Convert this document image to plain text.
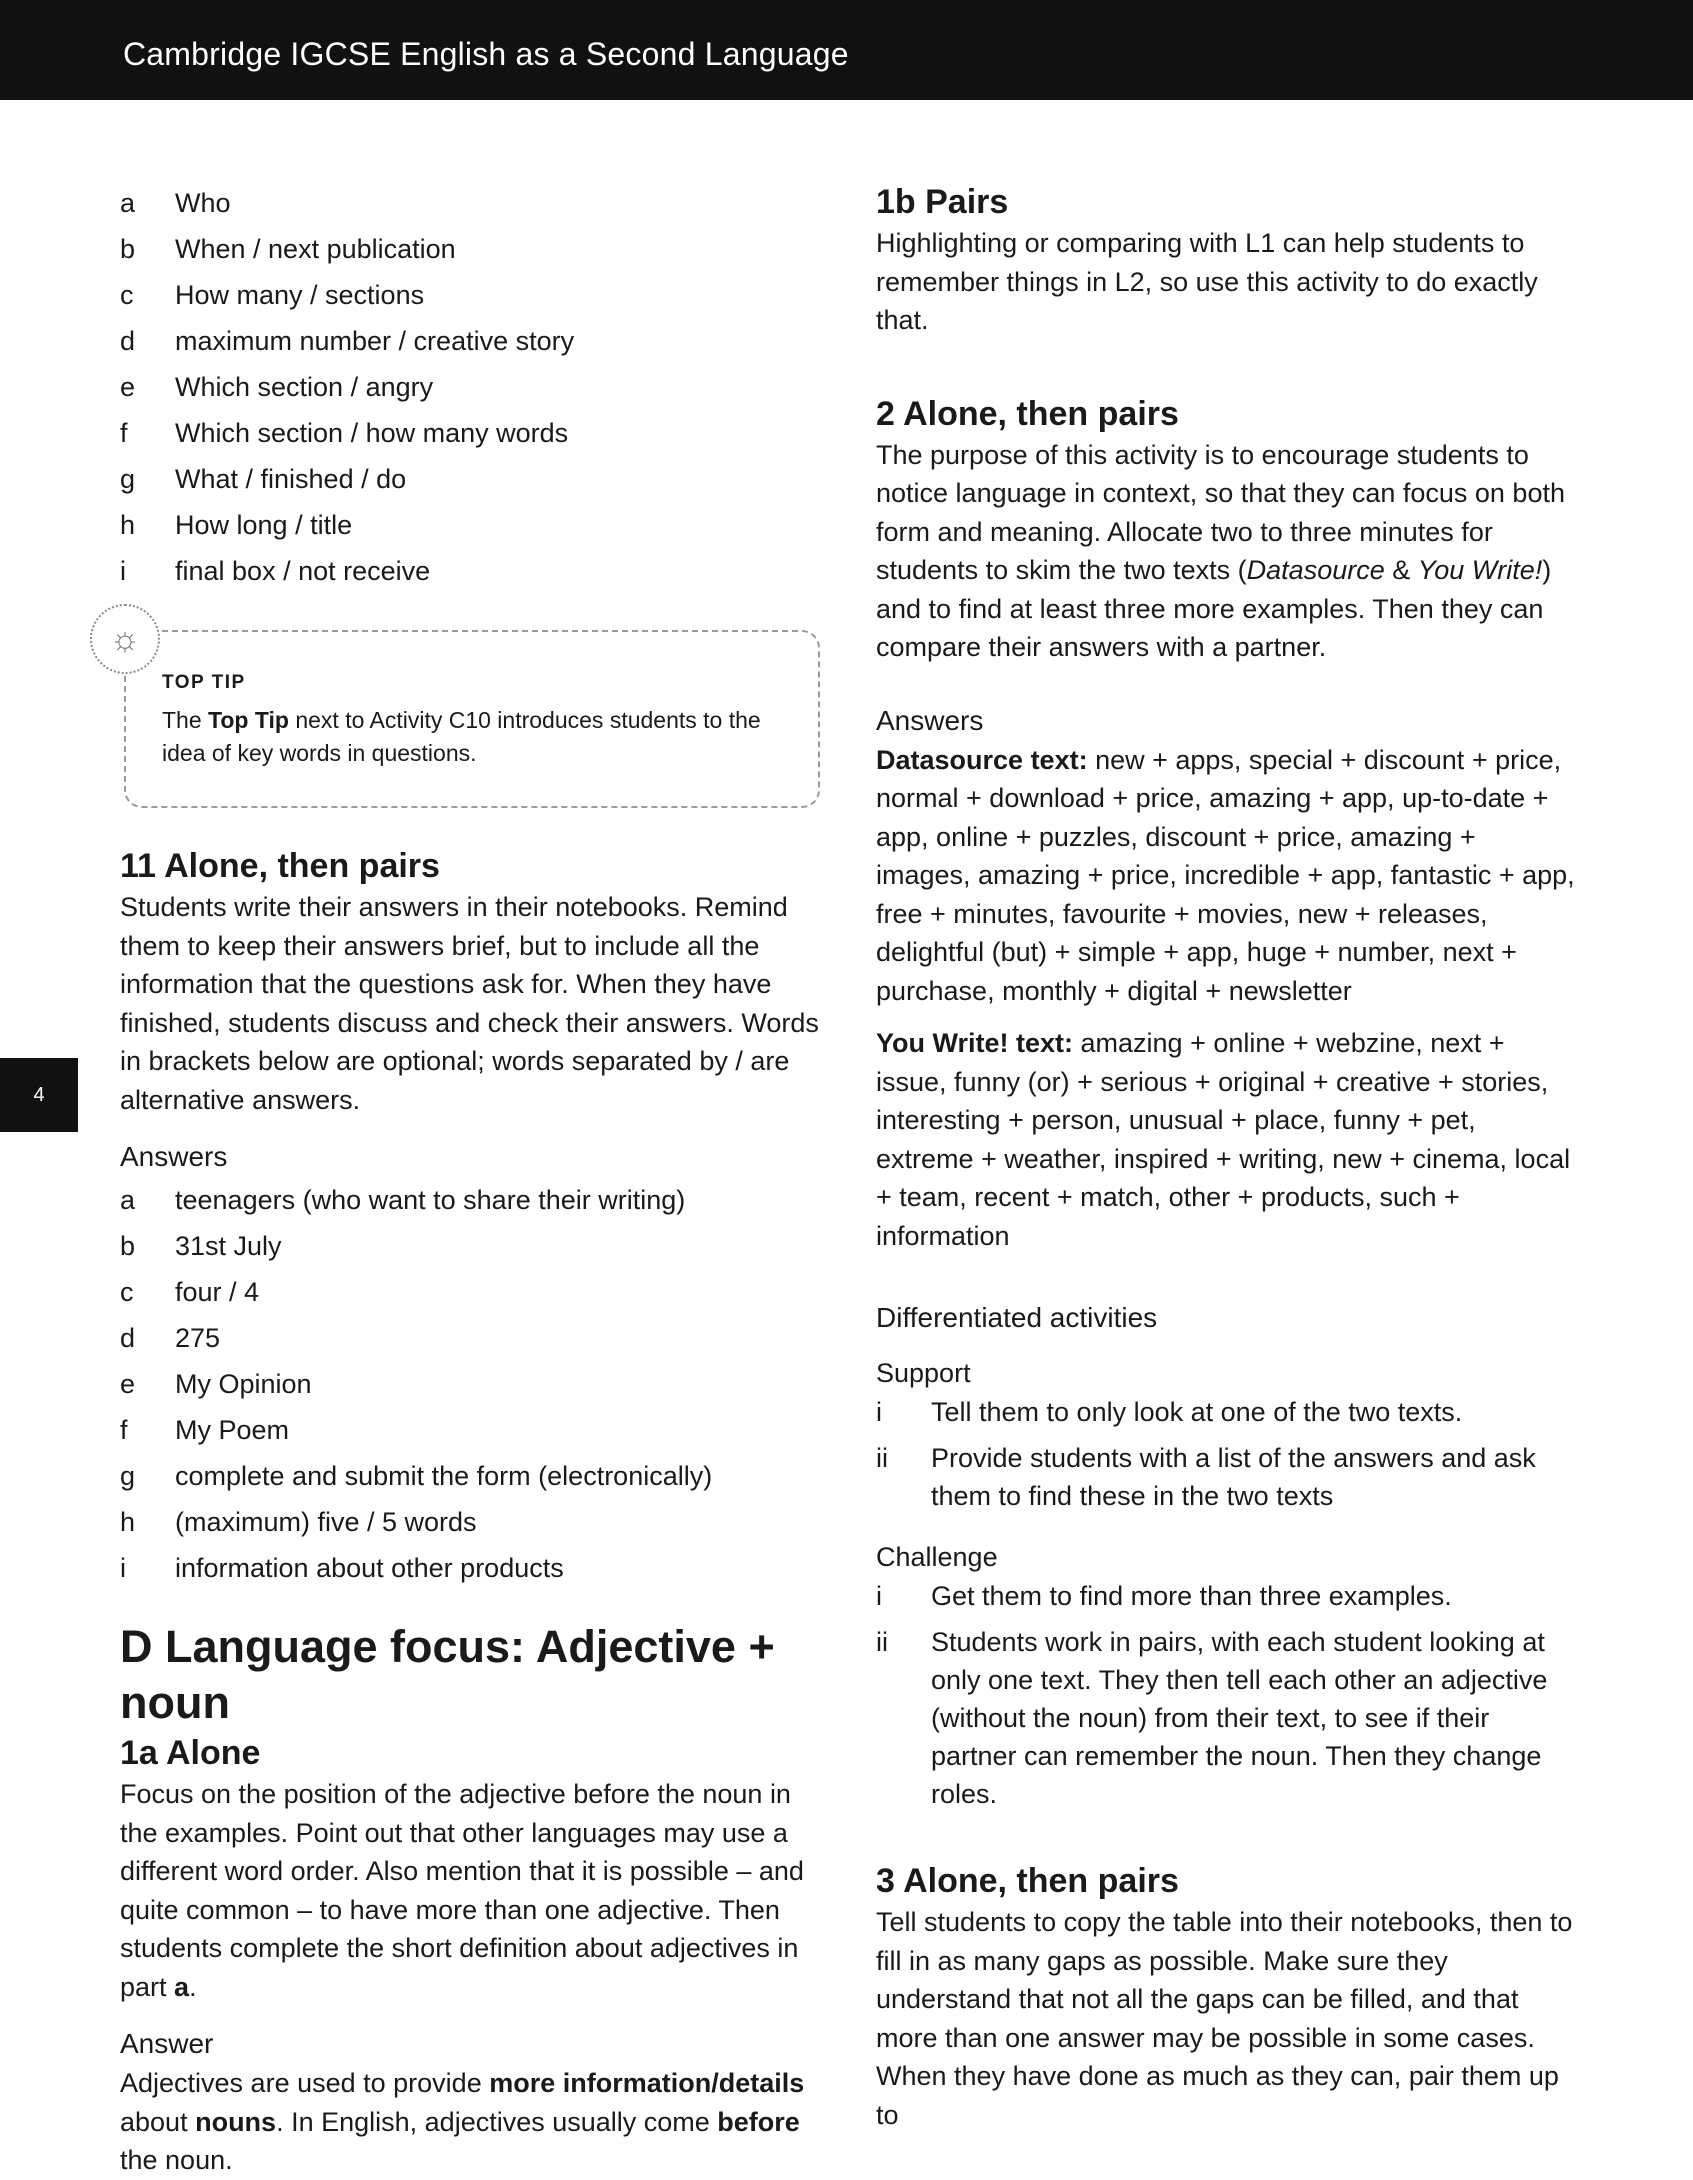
Cambridge IGCSE English as a Second Language
4
a	Who
b	When / next publication
c	How many / sections
d	maximum number / creative story
e	Which section / angry
f	Which section / how many words
g	What / finished / do
h	How long / title
i	final box / not receive
☼
TOP TIP
The Top Tip next to Activity C10 introduces students to the idea of key words in questions.
11 Alone, then pairs

Students write their answers in their notebooks. Remind them to keep their answers brief, but to include all the information that the questions ask for. When they have finished, students discuss and check their answers. Words in brackets below are optional; words separated by / are alternative answers.

Answers

a	teenagers (who want to share their writing)
b	31st July
c	four / 4
d	275
e	My Opinion
f	My Poem
g	complete and submit the form (electronically)
h	(maximum) five / 5 words
i	information about other products
D Language focus: Adjective + noun
1a Alone

Focus on the position of the adjective before the noun in the examples. Point out that other languages may use a different word order. Also mention that it is possible – and quite common – to have more than one adjective. Then students complete the short definition about adjectives in part a.

Answer

Adjectives are used to provide more information/details about nouns. In English, adjectives usually come before the noun.

1b Pairs

Highlighting or comparing with L1 can help students to remember things in L2, so use this activity to do exactly that.

2 Alone, then pairs

The purpose of this activity is to encourage students to notice language in context, so that they can focus on both form and meaning. Allocate two to three minutes for students to skim the two texts (Datasource & You Write!) and to find at least three more examples. Then they can compare their answers with a partner.

Answers

Datasource text: new + apps, special + discount + price, normal + download + price, amazing + app, up-to-date + app, online + puzzles, discount + price, amazing + images, amazing + price, incredible + app, fantastic + app, free + minutes, favourite + movies, new + releases, delightful (but) + simple + app, huge + number, next + purchase, monthly + digital + newsletter

You Write! text: amazing + online + webzine, next + issue, funny (or) + serious + original + creative + stories, interesting + person, unusual + place, funny + pet, extreme + weather, inspired + writing, new + cinema, local + team, recent + match, other + products, such + information

Differentiated activities

Support

i	Tell them to only look at one of the two texts.
ii	Provide students with a list of the answers and ask them to find these in the two texts

Challenge

i	Get them to find more than three examples.
ii	Students work in pairs, with each student looking at only one text. They then tell each other an adjective (without the noun) from their text, to see if their partner can remember the noun. Then they change roles.
3 Alone, then pairs

Tell students to copy the table into their notebooks, then to fill in as many gaps as possible. Make sure they understand that not all the gaps can be filled, and that more than one answer may be possible in some cases. When they have done as much as they can, pair them up to
